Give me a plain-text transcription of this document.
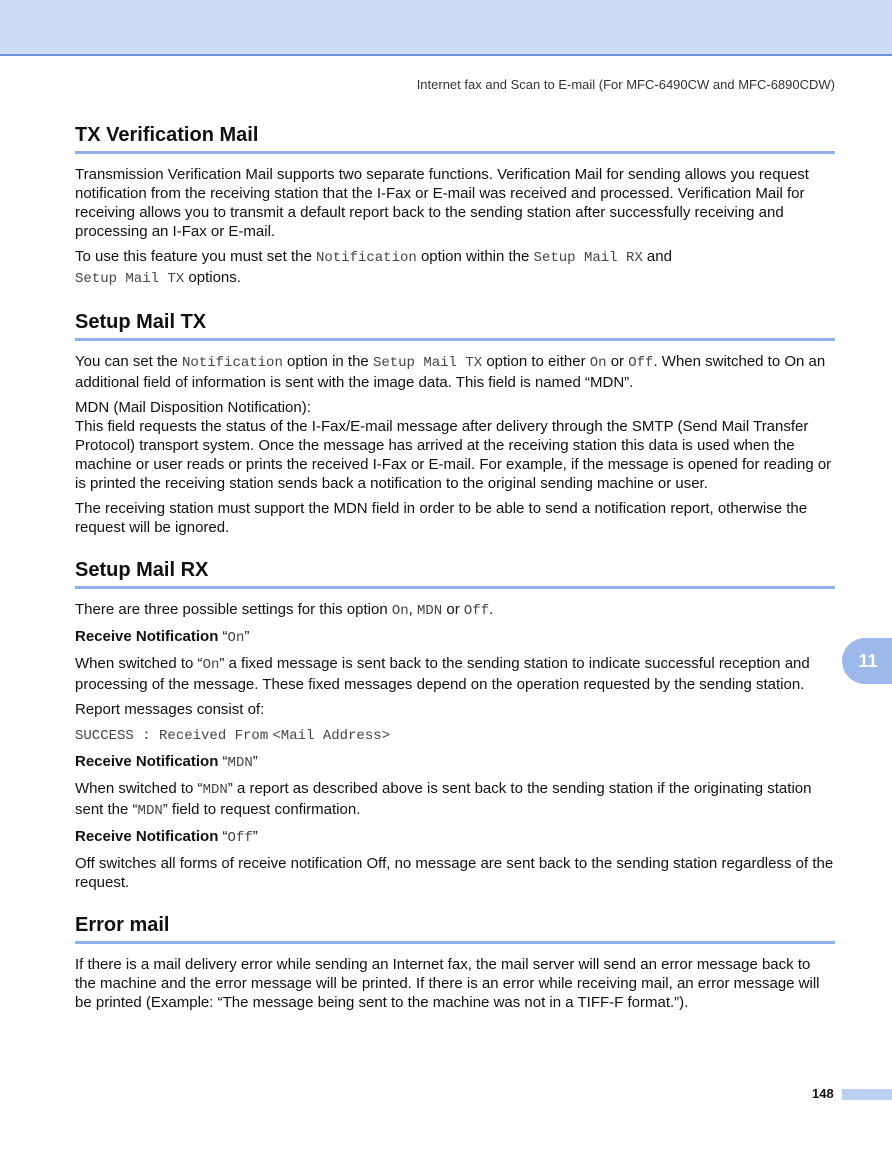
Internet fax and Scan to E-mail (For MFC-6490CW and MFC-6890CDW)
TX Verification Mail

Transmission Verification Mail supports two separate functions. Verification Mail for sending allows you request notification from the receiving station that the I-Fax or E-mail was received and processed. Verification Mail for receiving allows you to transmit a default report back to the sending station after successfully receiving and processing an I-Fax or E-mail.

To use this feature you must set the Notification option within the Setup Mail RX and
Setup Mail TX options.

Setup Mail TX

You can set the Notification option in the Setup Mail TX option to either On or Off. When switched to On an additional field of information is sent with the image data. This field is named “MDN”.

MDN (Mail Disposition Notification):
This field requests the status of the I-Fax/E-mail message after delivery through the SMTP (Send Mail Transfer Protocol) transport system. Once the message has arrived at the receiving station this data is used when the machine or user reads or prints the received I-Fax or E-mail. For example, if the message is opened for reading or is printed the receiving station sends back a notification to the original sending machine or user.

The receiving station must support the MDN field in order to be able to send a notification report, otherwise the request will be ignored.

Setup Mail RX

There are three possible settings for this option On, MDN or Off.

Receive Notification “On”

When switched to “On” a fixed message is sent back to the sending station to indicate successful reception and processing of the message. These fixed messages depend on the operation requested by the sending station.

Report messages consist of:

SUCCESS : Received From <Mail Address>

Receive Notification “MDN”

When switched to “MDN” a report as described above is sent back to the sending station if the originating station sent the “MDN” field to request confirmation.

Receive Notification “Off”

Off switches all forms of receive notification Off, no message are sent back to the sending station regardless of the request.

Error mail

If there is a mail delivery error while sending an Internet fax, the mail server will send an error message back to the machine and the error message will be printed. If there is an error while receiving mail, an error message will be printed (Example: “The message being sent to the machine was not in a TIFF-F format.”).

11
148
